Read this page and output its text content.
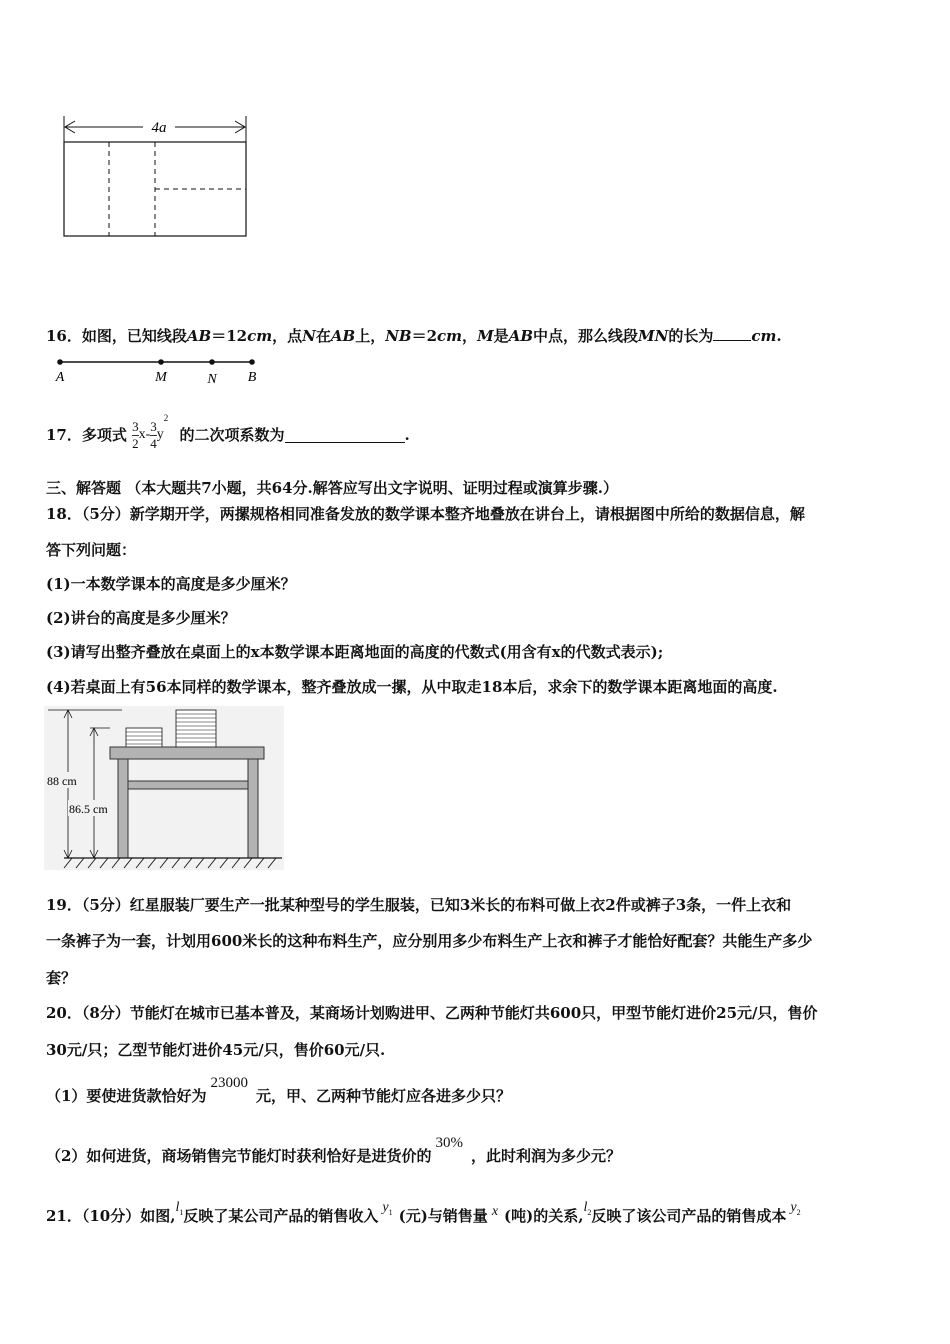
4a
16．如图，已知线段AB＝12cm，点N在AB上，NB＝2cm，M是AB中点，那么线段MN的长为	cm.
A	M	N B
17．多项式 $\frac{3}{2} x-\frac{3}{4} y^2$ 的二次项系数为	.
三、解答题 （本大题共7小题，共64分.解答应写出文字说明、证明过程或演算步骤.）
18．（5分）新学期开学，两摞规格相同准备发放的数学课本整齐地叠放在讲台上，请根据图中所给的数据信息，解
答下列问题：
(1)一本数学课本的高度是多少厘米？
(2)讲台的高度是多少厘米？
(3)请写出整齐叠放在桌面上的x本数学课本距离地面的高度的代数式(用含有x的代数式表示);
(4)若桌面上有56本同样的数学课本，整齐叠放成一摞，从中取走18本后，求余下的数学课本距离地面的高度.
88 cm
86.5 cm
19．（5分）红星服装厂要生产一批某种型号的学生服装，已知3米长的布料可做上衣2件或裤子3条，一件上衣和
一条裤子为一套，计划用600米长的这种布料生产，应分别用多少布料生产上衣和裤子才能恰好配套？共能生产多少
套？
20．（8分）节能灯在城市已基本普及，某商场计划购进甲、乙两种节能灯共600只，甲型节能灯进价25元/只，售价
30元/只；乙型节能灯进价45元/只，售价60元/只.
（1）要使进货款恰好为23000元，甲、乙两种节能灯应各进多少只？
（2）如何进货，商场销售完节能灯时获利恰好是进货价的30%，此时利润为多少元？
21．（10分）如图$,l_1$反映了某公司产品的销售收入 $y_1$ (元)与销售量 x (吨)的关系$,l_2$反映了该公司产品的销售成本 $y_2$
